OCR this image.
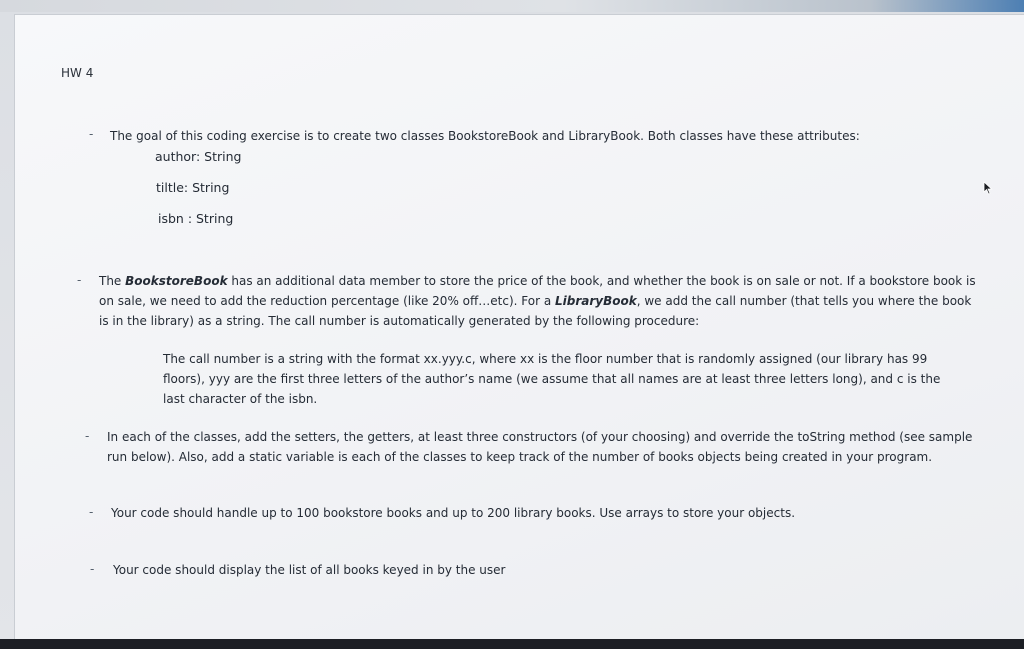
HW 4
- The goal of this coding exercise is to create two classes BookstoreBook and LibraryBook. Both classes have these attributes:
author: String
tiltle: String
isbn : String
- The BookstoreBook has an additional data member to store the price of the book, and whether the book is on sale or not. If a bookstore book is on sale, we need to add the reduction percentage (like 20% off…etc). For a LibraryBook, we add the call number (that tells you where the book is in the library) as a string. The call number is automatically generated by the following procedure:
The call number is a string with the format xx.yyy.c, where xx is the floor number that is randomly assigned (our library has 99 floors), yyy are the first three letters of the author’s name (we assume that all names are at least three letters long), and c is the last character of the isbn.
- In each of the classes, add the setters, the getters, at least three constructors (of your choosing) and override the toString method (see sample run below). Also, add a static variable is each of the classes to keep track of the number of books objects being created in your program.
- Your code should handle up to 100 bookstore books and up to 200 library books. Use arrays to store your objects.
- Your code should display the list of all books keyed in by the user
